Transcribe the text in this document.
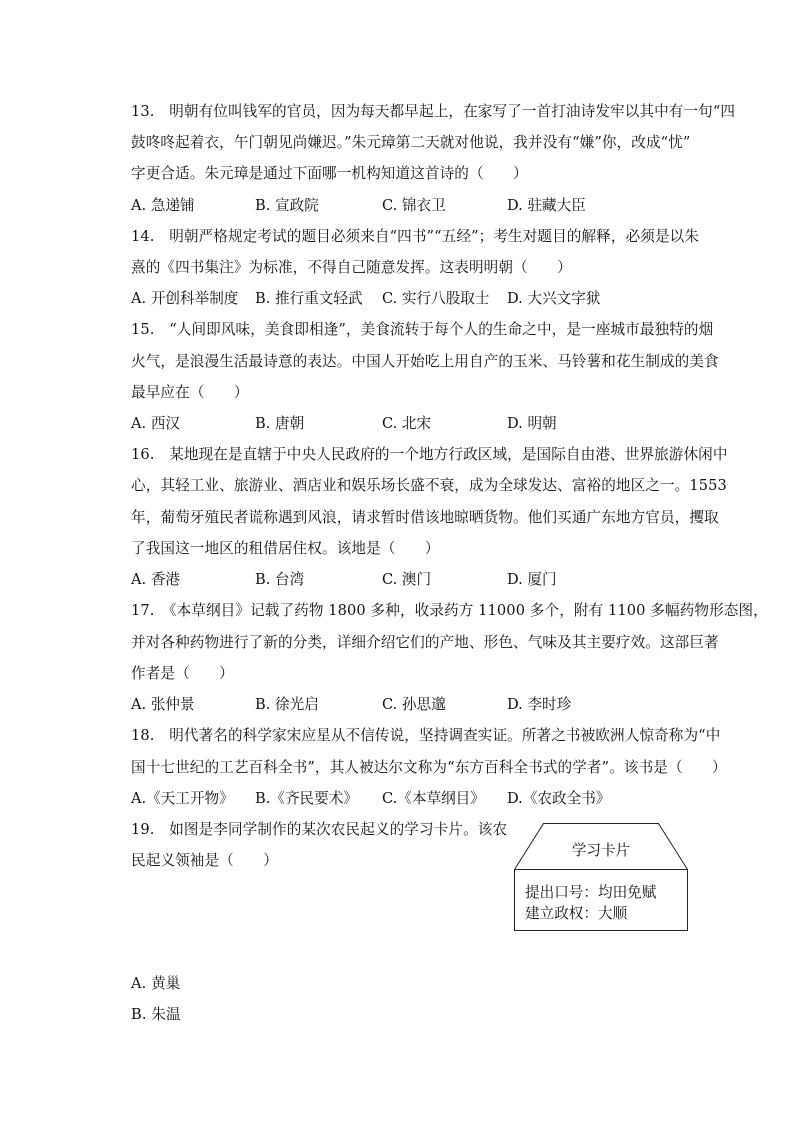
13.　明朝有位叫钱军的官员，因为每天都早起上，在家写了一首打油诗发牢以其中有一句“四
鼓咚咚起着衣，午门朝见尚嫌迟。”朱元璋第二天就对他说，我并没有“嫌”你，改成“忧”
字更合适。朱元璋是通过下面哪一机构知道这首诗的（　　）
A. 急递铺	B. 宣政院	C. 锦衣卫	D. 驻藏大臣
14.　明朝严格规定考试的题目必须来自“四书”“五经”；考生对题目的解释，必须是以朱
熹的《四书集注》为标准，不得自己随意发挥。这表明明朝（　　）
A. 开创科举制度 B. 推行重文轻武 C. 实行八股取士 D. 大兴文字狱
15.　“人间即风味，美食即相逢”，美食流转于每个人的生命之中，是一座城市最独特的烟
火气，是浪漫生活最诗意的表达。中国人开始吃上用自产的玉米、马铃薯和花生制成的美食
最早应在（　　）
A. 西汉	B. 唐朝	C. 北宋	D. 明朝
16.　某地现在是直辖于中央人民政府的一个地方行政区域，是国际自由港、世界旅游休闲中
心，其轻工业、旅游业、酒店业和娱乐场长盛不衰，成为全球发达、富裕的地区之一。1553
年，葡萄牙殖民者谎称遇到风浪，请求暂时借该地晾晒货物。他们买通广东地方官员，攫取
了我国这一地区的租借居住权。该地是（　　）
A. 香港	B. 台湾	C. 澳门	D. 厦门
17.　《本草纲目》记载了药物 1800 多种，收录药方 11000 多个，附有 1100 多幅药物形态图，
并对各种药物进行了新的分类，详细介绍它们的产地、形色、气味及其主要疗效。这部巨著
作者是（　　）
A. 张仲景	B. 徐光启	C. 孙思邈	D. 李时珍
18.　明代著名的科学家宋应星从不信传说，坚持调查实证。所著之书被欧洲人惊奇称为“中
国十七世纪的工艺百科全书”，其人被达尔文称为“东方百科全书式的学者”。该书是（　　）
A.《天工开物》 B.《齐民要术》 C.《本草纲目》 D.《农政全书》
19.　如图是李同学制作的某次农民起义的学习卡片。该农
民起义领袖是（　　）
学习卡片
提出口号：均田免赋
建立政权：大顺
A. 黄巢
B. 朱温
